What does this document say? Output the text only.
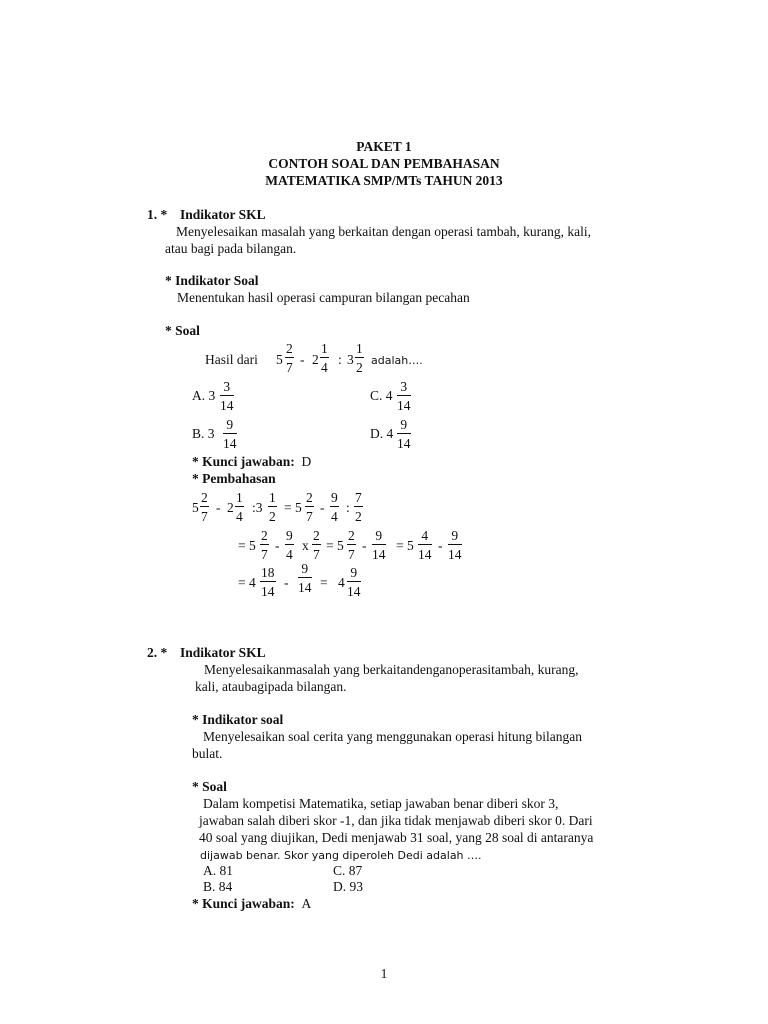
PAKET 1
CONTOH SOAL DAN PEMBAHASAN
MATEMATIKA SMP/MTs TAHUN 2013
1. * Indikator SKL
Menyelesaikan masalah yang berkaitan dengan operasi tambah, kurang, kali,
atau bagi pada bilangan.
* Indikator Soal
Menentukan hasil operasi campuran bilangan pecahan
* Soal
Hasil dari $5 \frac{2}{7} - 2 \frac{1}{4}$ : $3 \frac{1}{2}$ adalah….
A. $3 \frac{3}{14}$	C. $4 \frac{3}{14}$
B. $3 \frac{9}{14}$	D. $4 \frac{9}{14}$
* Kunci jawaban: D
* Pembahasan
$5 \frac{2}{7} - 2 \frac{1}{4}$ :3 $\frac{1}{2} = 5 \frac{2}{7} - \frac{9}{4}$ : $\frac{7}{2}$
= $5 \frac{2}{7} - \frac{9}{4}$ x $\frac{2}{7} = 5 \frac{2}{7} - \frac{9}{14} = 5 \frac{4}{14} - \frac{9}{14}$
= $4 \frac{18}{14} - \frac{9}{14} = 4 \frac{9}{14}$
2. * Indikator SKL
Menyelesaikanmasalah yang berkaitandenganoperasitambah, kurang,
kali, ataubagipada bilangan.
* Indikator soal
Menyelesaikan soal cerita yang menggunakan operasi hitung bilangan
bulat.
* Soal
Dalam kompetisi Matematika, setiap jawaban benar diberi skor 3,
jawaban salah diberi skor -1, dan jika tidak menjawab diberi skor 0. Dari
40 soal yang diujikan, Dedi menjawab 31 soal, yang 28 soal di antaranya
dijawab benar. Skor yang diperoleh Dedi adalah ….
A. 81	C. 87
B. 84	D. 93
* Kunci jawaban: A
1
